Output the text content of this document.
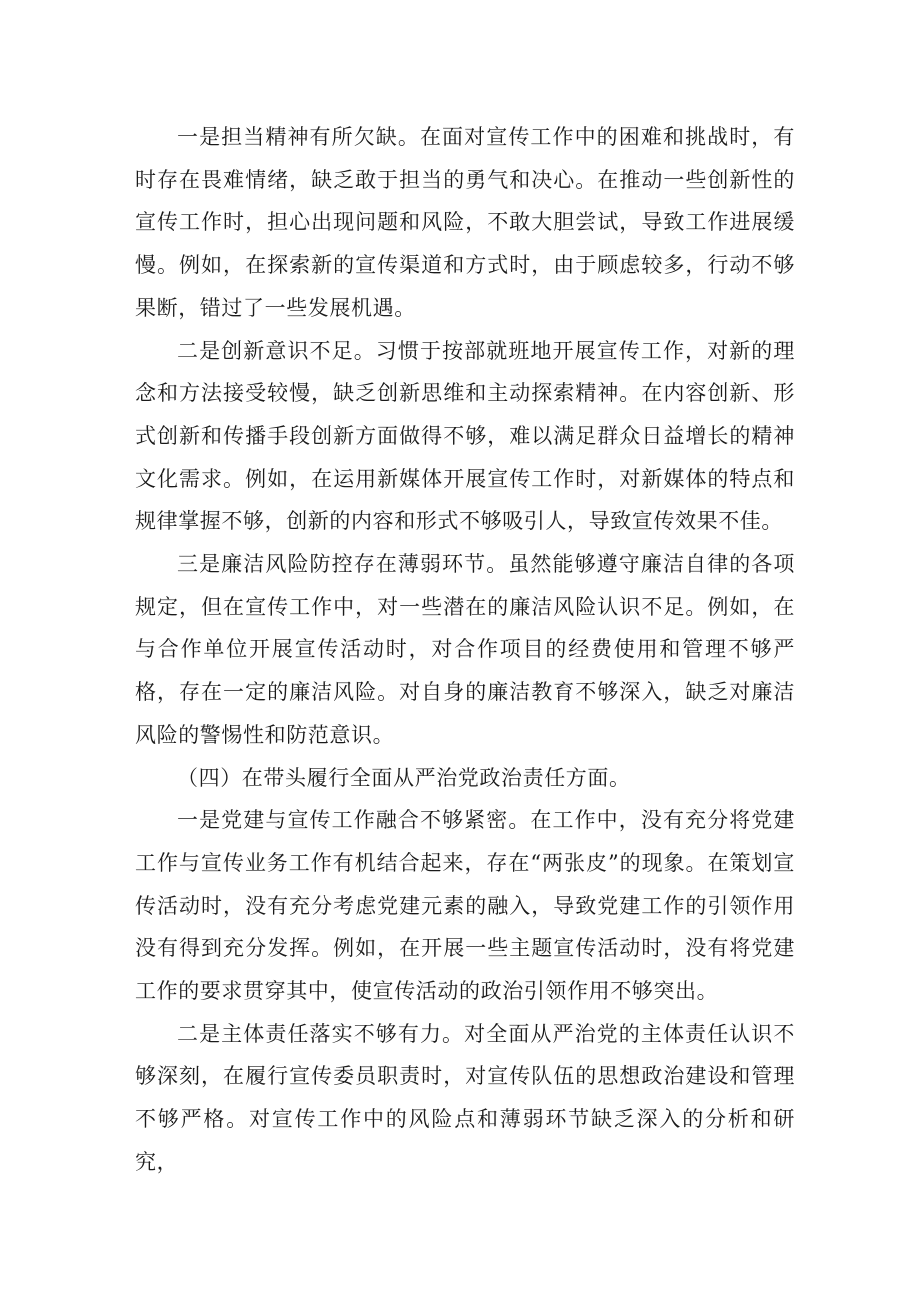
一是担当精神有所欠缺。在面对宣传工作中的困难和挑战时，有时存在畏难情绪，缺乏敢于担当的勇气和决心。在推动一些创新性的宣传工作时，担心出现问题和风险，不敢大胆尝试，导致工作进展缓慢。例如，在探索新的宣传渠道和方式时，由于顾虑较多，行动不够果断，错过了一些发展机遇。

二是创新意识不足。习惯于按部就班地开展宣传工作，对新的理念和方法接受较慢，缺乏创新思维和主动探索精神。在内容创新、形式创新和传播手段创新方面做得不够，难以满足群众日益增长的精神文化需求。例如，在运用新媒体开展宣传工作时，对新媒体的特点和规律掌握不够，创新的内容和形式不够吸引人，导致宣传效果不佳。

三是廉洁风险防控存在薄弱环节。虽然能够遵守廉洁自律的各项规定，但在宣传工作中，对一些潜在的廉洁风险认识不足。例如，在与合作单位开展宣传活动时，对合作项目的经费使用和管理不够严格，存在一定的廉洁风险。对自身的廉洁教育不够深入，缺乏对廉洁风险的警惕性和防范意识。

（四）在带头履行全面从严治党政治责任方面。

一是党建与宣传工作融合不够紧密。在工作中，没有充分将党建工作与宣传业务工作有机结合起来，存在“两张皮”的现象。在策划宣传活动时，没有充分考虑党建元素的融入，导致党建工作的引领作用没有得到充分发挥。例如，在开展一些主题宣传活动时，没有将党建工作的要求贯穿其中，使宣传活动的政治引领作用不够突出。

二是主体责任落实不够有力。对全面从严治党的主体责任认识不够深刻，在履行宣传委员职责时，对宣传队伍的思想政治建设和管理不够严格。对宣传工作中的风险点和薄弱环节缺乏深入的分析和研究，
